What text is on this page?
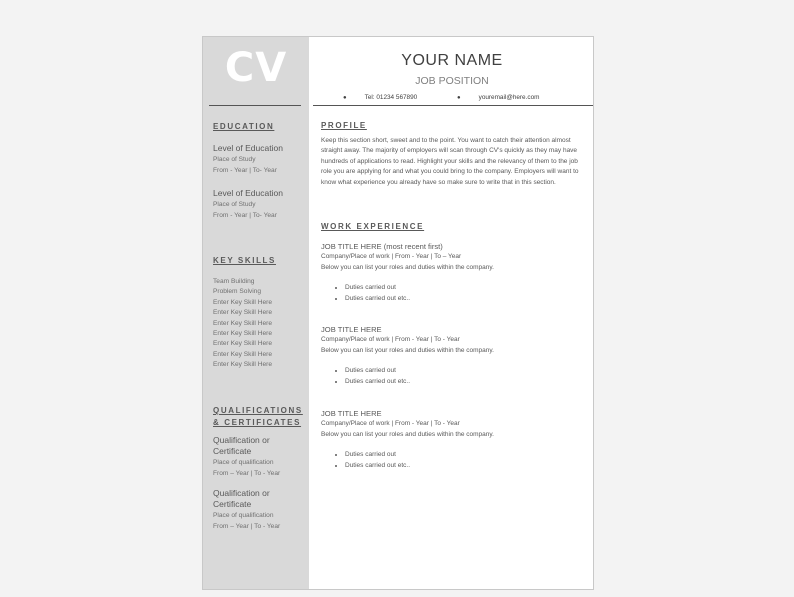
CV

EDUCATION

Level of Education

Place of Study

From - Year | To- Year

Level of Education

Place of Study

From - Year | To- Year

KEY SKILLS

Team Building
Problem Solving
Enter Key Skill Here
Enter Key Skill Here
Enter Key Skill Here
Enter Key Skill Here
Enter Key Skill Here
Enter Key Skill Here
Enter Key Skill Here

QUALIFICATIONS

& CERTIFICATES

Qualification or

Certificate

Place of qualification

From – Year | To - Year

Qualification or

Certificate

Place of qualification

From – Year | To - Year

YOUR NAME
JOB POSITION
●	Tel: 01234 567890	●	youremail@here.com

PROFILE

Keep this section short, sweet and to the point. You want to catch their attention almost straight away. The majority of employers will scan through CV's quickly as they may have hundreds of applications to read. Highlight your skills and the relevancy of them to the job role you are applying for and what you could bring to the company. Employers will want to know what experience you already have so make sure to write that in this section.

WORK EXPERIENCE

JOB TITLE HERE (most recent first)

Company/Place of work | From - Year | To – Year

Below you can list your roles and duties within the company.

• Duties carried out
• Duties carried out etc..

JOB TITLE HERE

Company/Place of work | From - Year | To - Year

Below you can list your roles and duties within the company.

• Duties carried out
• Duties carried out etc..

JOB TITLE HERE

Company/Place of work | From - Year | To - Year

Below you can list your roles and duties within the company.

• Duties carried out
• Duties carried out etc..
